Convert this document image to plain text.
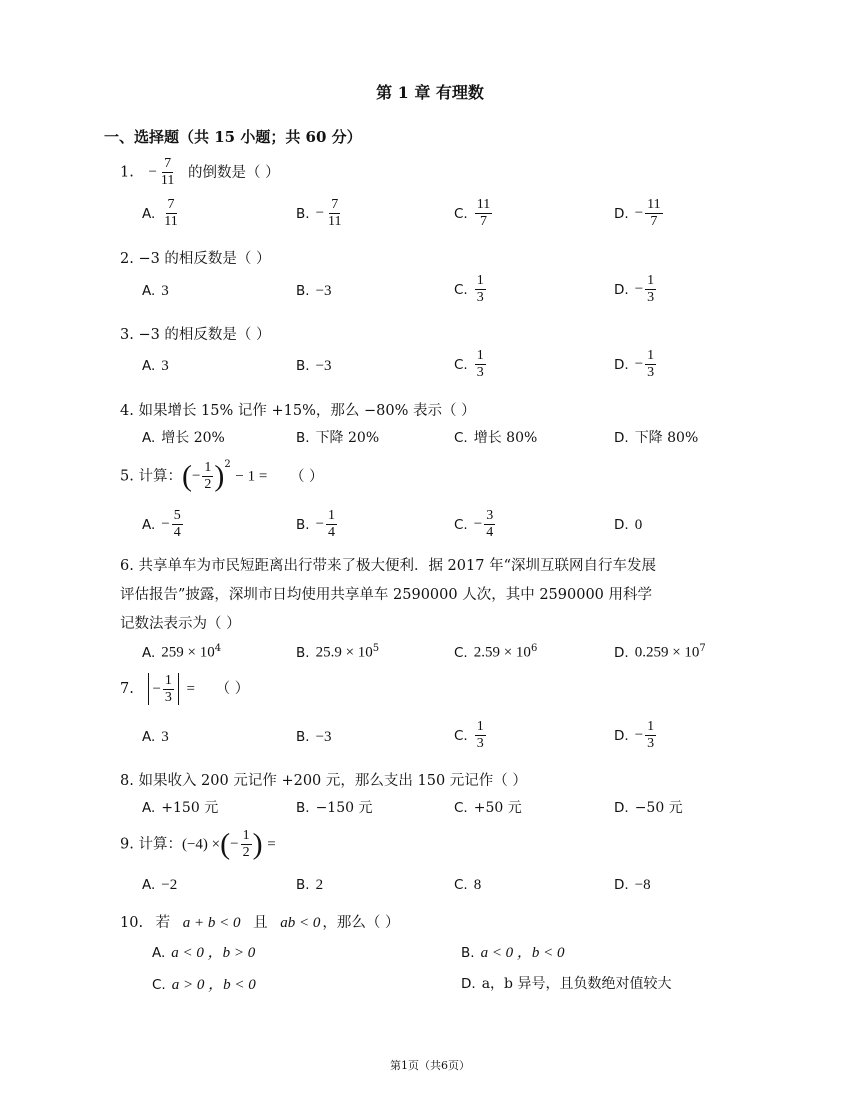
第 1 章 有理数
一、选择题（共 15 小题；共 60 分）
1. − $\frac{7}{11}$ 的倒数是（ ）
A. $\frac{7}{11}$	B. − $\frac{7}{11}$	C. $\frac{11}{7}$	D. − $\frac{11}{7}$
2. −3 的相反数是（ ）
A. 3	B. −3	C. $\frac{1}{3}$	D. − $\frac{1}{3}$
3. −3 的相反数是（ ）
A. 3	B. −3	C. $\frac{1}{3}$	D. − $\frac{1}{3}$
4. 如果增长 15% 记作 +15%，那么 −80% 表示（ ）
A. 增长 20%	B. 下降 20%	C. 增长 80%	D. 下降 80%
5. 计算：(− $\frac{1}{2} )^2 - 1$ = （ ）
A. − $\frac{5}{4}$	B. − $\frac{1}{4}$	C. − $\frac{3}{4}$	D. 0
6. 共享单车为市民短距离出行带来了极大便利．据 2017 年“深圳互联网自行车发展
评估报告”披露，深圳市日均使用共享单车 2590000 人次，其中 2590000 用科学
记数法表示为（ ）
A. $259 \times 10^4$	B. $25.9 \times 10^5$	C. $2.59 \times 10^6$	D. $0.259 \times 10^7$
7. − $\frac{1}{3}$ = （ ）
A. 3	B. −3	C. $\frac{1}{3}$	D. − $\frac{1}{3}$
8. 如果收入 200 元记作 +200 元，那么支出 150 元记作（ ）
A. +150 元	B. −150 元	C. +50 元	D. −50 元
9. 计算：(−4) ×(− $\frac{1}{2}$ ) =
A. −2	B. 2	C. 8	D. −8
10. 若 a + b < 0 且 ab < 0 ，那么（ ）
A. a < 0 ，b > 0	B. a < 0 ，b < 0
C. a > 0 ，b < 0	D. a，b 异号，且负数绝对值较大
第1页（共6页）
